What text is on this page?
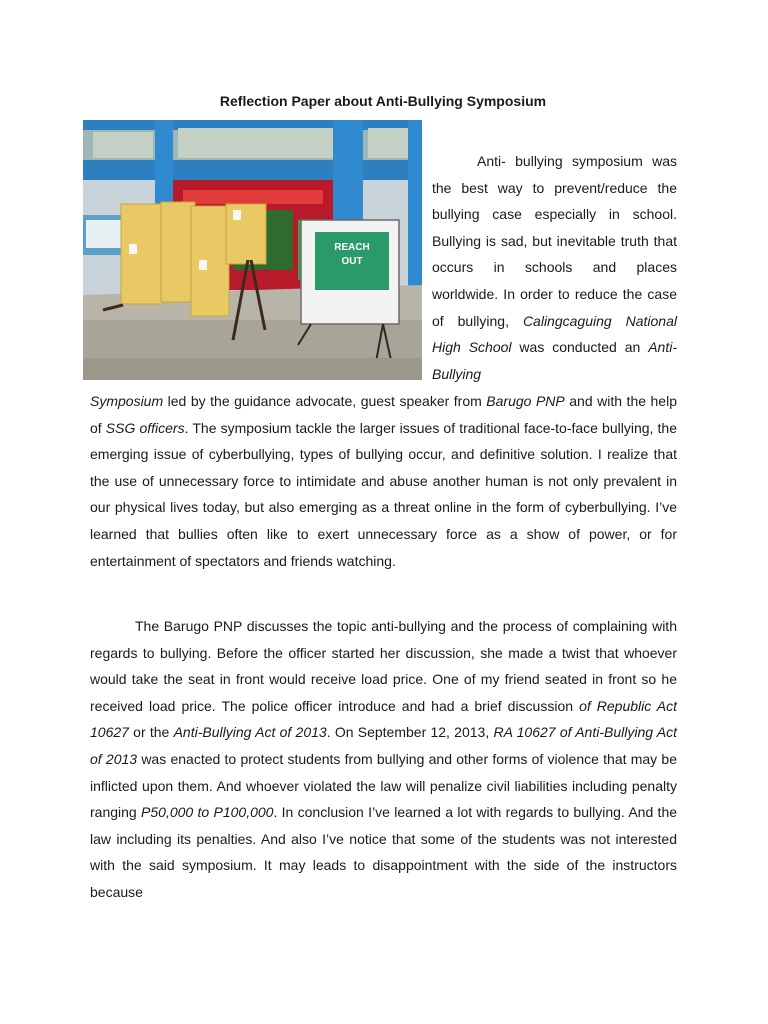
Reflection Paper about Anti-Bullying Symposium
REACH
OUT
Anti- bullying symposium was the best way to prevent/reduce the bullying case especially in school. Bullying is sad, but inevitable truth that occurs in schools and places worldwide. In order to reduce the case of bullying, Calingcaguing National High School was conducted an Anti-Bullying
Symposium led by the guidance advocate, guest speaker from Barugo PNP and with the help of SSG officers. The symposium tackle the larger issues of traditional face-to-face bullying, the emerging issue of cyberbullying, types of bullying occur, and definitive solution. I realize that the use of unnecessary force to intimidate and abuse another human is not only prevalent in our physical lives today, but also emerging as a threat online in the form of cyberbullying. I’ve learned that bullies often like to exert unnecessary force as a show of power, or for entertainment of spectators and friends watching.
The Barugo PNP discusses the topic anti-bullying and the process of complaining with regards to bullying. Before the officer started her discussion, she made a twist that whoever would take the seat in front would receive load price. One of my friend seated in front so he received load price. The police officer introduce and had a brief discussion of Republic Act 10627 or the Anti-Bullying Act of 2013. On September 12, 2013, RA 10627 of Anti-Bullying Act of 2013 was enacted to protect students from bullying and other forms of violence that may be inflicted upon them. And whoever violated the law will penalize civil liabilities including penalty ranging P50,000 to P100,000. In conclusion I’ve learned a lot with regards to bullying. And the law including its penalties. And also I’ve notice that some of the students was not interested with the said symposium. It may leads to disappointment with the side of the instructors because
